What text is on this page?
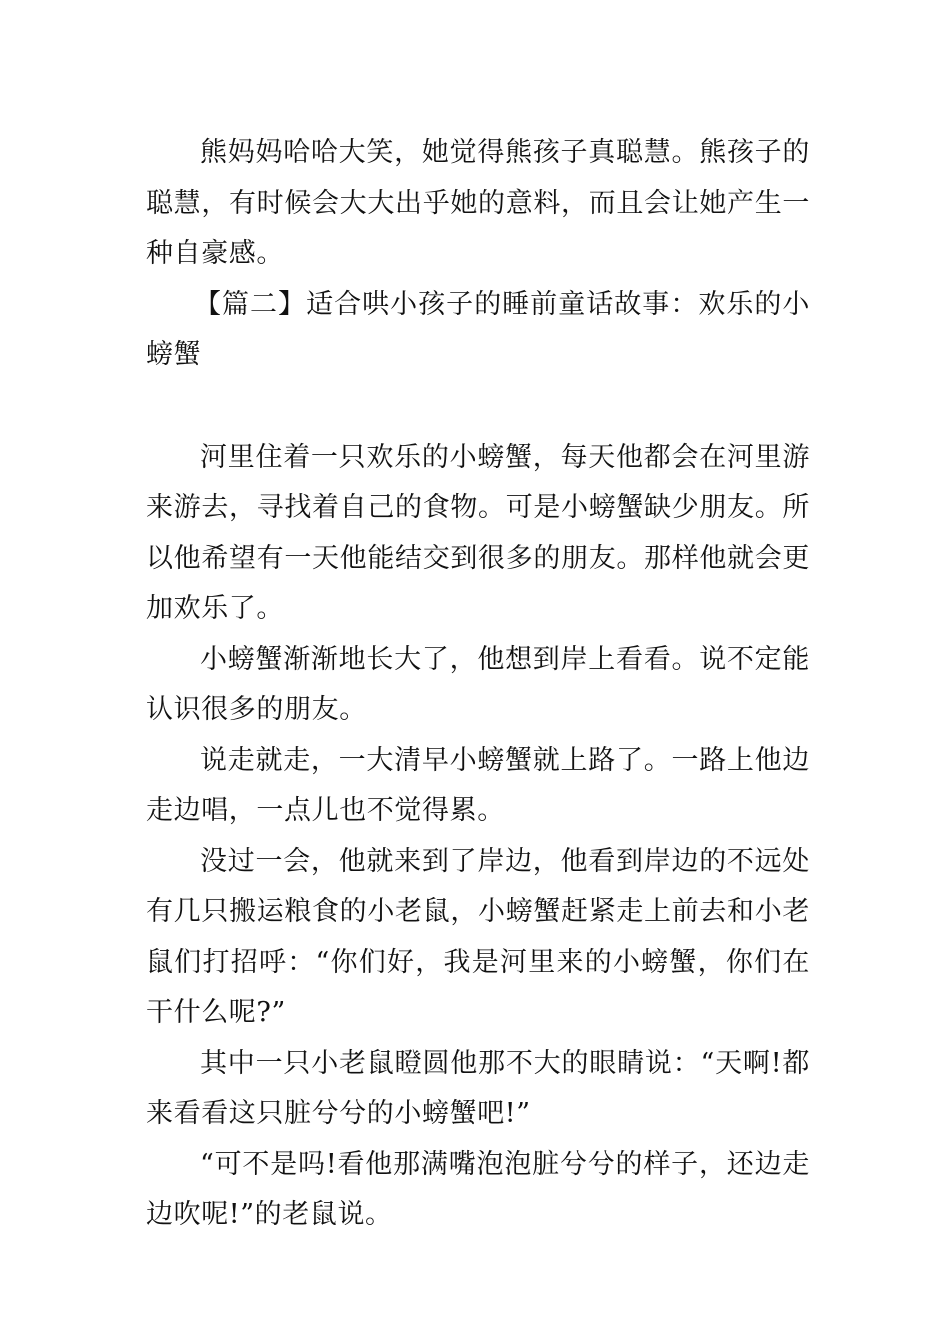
熊妈妈哈哈大笑，她觉得熊孩子真聪慧。熊孩子的聪慧，有时候会大大出乎她的意料，而且会让她产生一种自豪感。

【篇二】适合哄小孩子的睡前童话故事：欢乐的小螃蟹

河里住着一只欢乐的小螃蟹，每天他都会在河里游来游去，寻找着自己的食物。可是小螃蟹缺少朋友。所以他希望有一天他能结交到很多的朋友。那样他就会更加欢乐了。

小螃蟹渐渐地长大了，他想到岸上看看。说不定能认识很多的朋友。

说走就走，一大清早小螃蟹就上路了。一路上他边走边唱，一点儿也不觉得累。

没过一会，他就来到了岸边，他看到岸边的不远处有几只搬运粮食的小老鼠，小螃蟹赶紧走上前去和小老鼠们打招呼：“你们好，我是河里来的小螃蟹，你们在干什么呢?”

其中一只小老鼠瞪圆他那不大的眼睛说：“天啊!都来看看这只脏兮兮的小螃蟹吧!”

“可不是吗!看他那满嘴泡泡脏兮兮的样子，还边走边吹呢!”的老鼠说。
